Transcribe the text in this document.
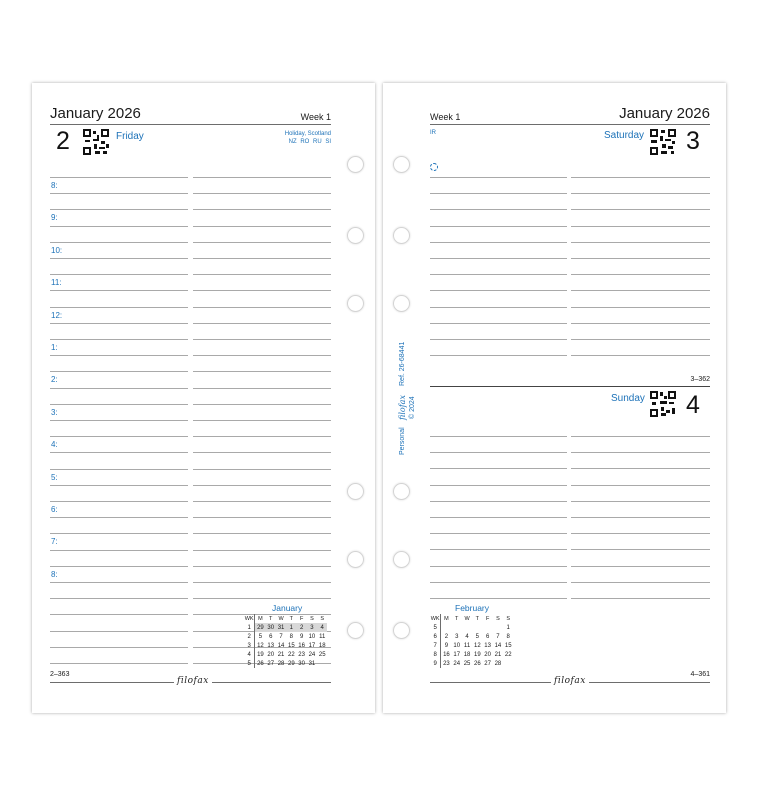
January 2026	Week 1
2	Friday	Holiday, Scotland
NZ RO RU SI
8:
9:
10:
11:
12:
1:
2:
3:
4:
5:
6:
7:
8:
January
WK	M	T	W	T	F	S	S
1	29	30	31	1	2	3	4
2	5	6	7	8	9	10	11
3	12	13	14	15	16	17	18
4	19	20	21	22	23	24	25
5	26	27	28	29	30	31	
2–363
filofax
Week 1	January 2026
IR	Saturday 3
3–362
Sunday 4
February
WK	M	T	W	T	F	S	S
5							1
6	2	3	4	5	6	7	8
7	9	10	11	12	13	14	15
8	16	17	18	19	20	21	22
9	23	24	25	26	27	28	
4–361
filofax
Personal
filofax
Ref. 26-68441
© 2024
